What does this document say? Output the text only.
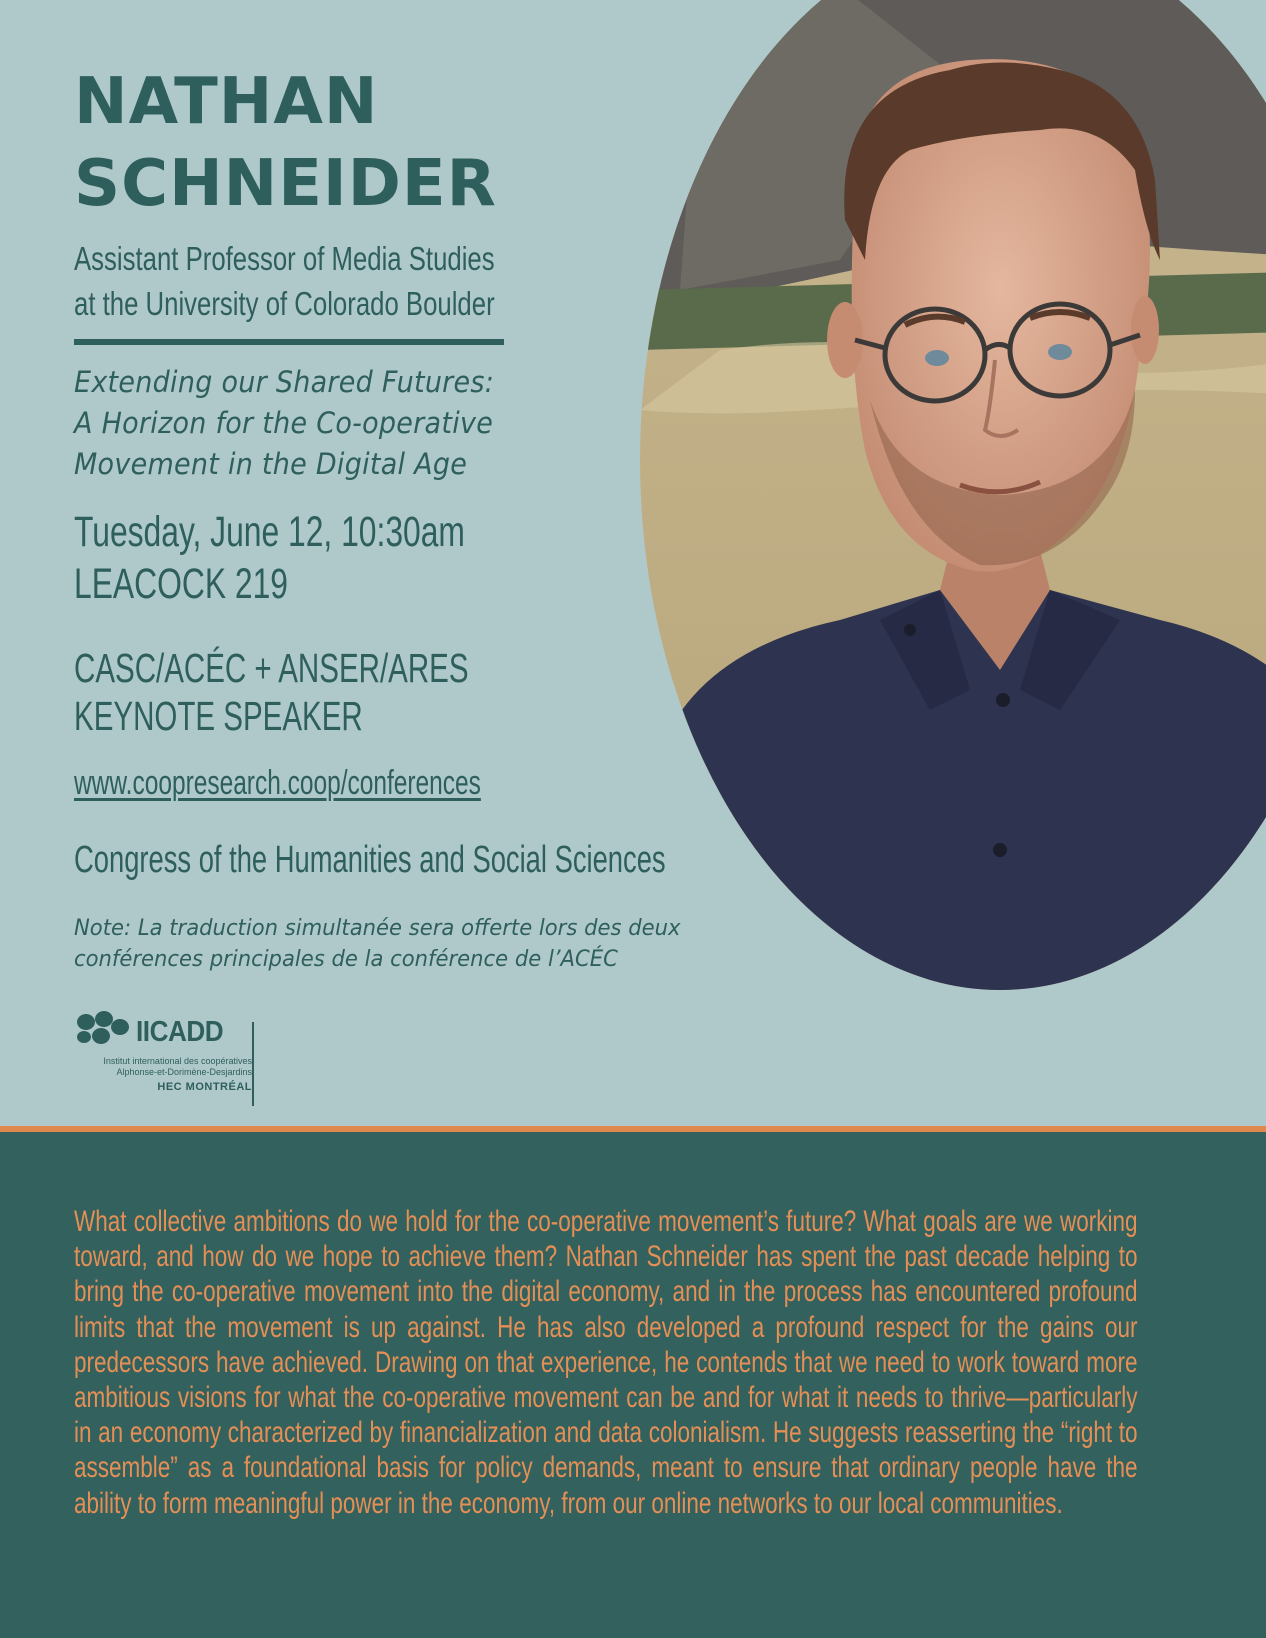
NATHAN
SCHNEIDER
Assistant Professor of Media Studies
at the University of Colorado Boulder
Extending our Shared Futures:
A Horizon for the Co-operative
Movement in the Digital Age
Tuesday, June 12, 10:30am
LEACOCK 219
CASC/ACÉC + ANSER/ARES
KEYNOTE SPEAKER
www.coopresearch.coop/conferences
Congress of the Humanities and Social Sciences
Note: La traduction simultanée sera offerte lors des deux
conférences principales de la conférence de l’ACÉC
IICADD
Institut international des coopératives
Alphonse-et-Dorimène-Desjardins
HEC MONTRÉAL
What collective ambitions do we hold for the co-operative movement’s future? What goals are we working toward, and how do we hope to achieve them? Nathan Schneider has spent the past decade helping to bring the co-operative movement into the digital economy, and in the process has encountered profound limits that the movement is up against. He has also developed a profound respect for the gains our predecessors have achieved. Drawing on that experience, he contends that we need to work toward more ambitious visions for what the co-operative movement can be and for what it needs to thrive—particularly in an economy characterized by financialization and data colonialism. He suggests reasserting the “right to assemble” as a foundational basis for policy demands, meant to ensure that ordinary people have the ability to form meaningful power in the economy, from our online networks to our local communities.
